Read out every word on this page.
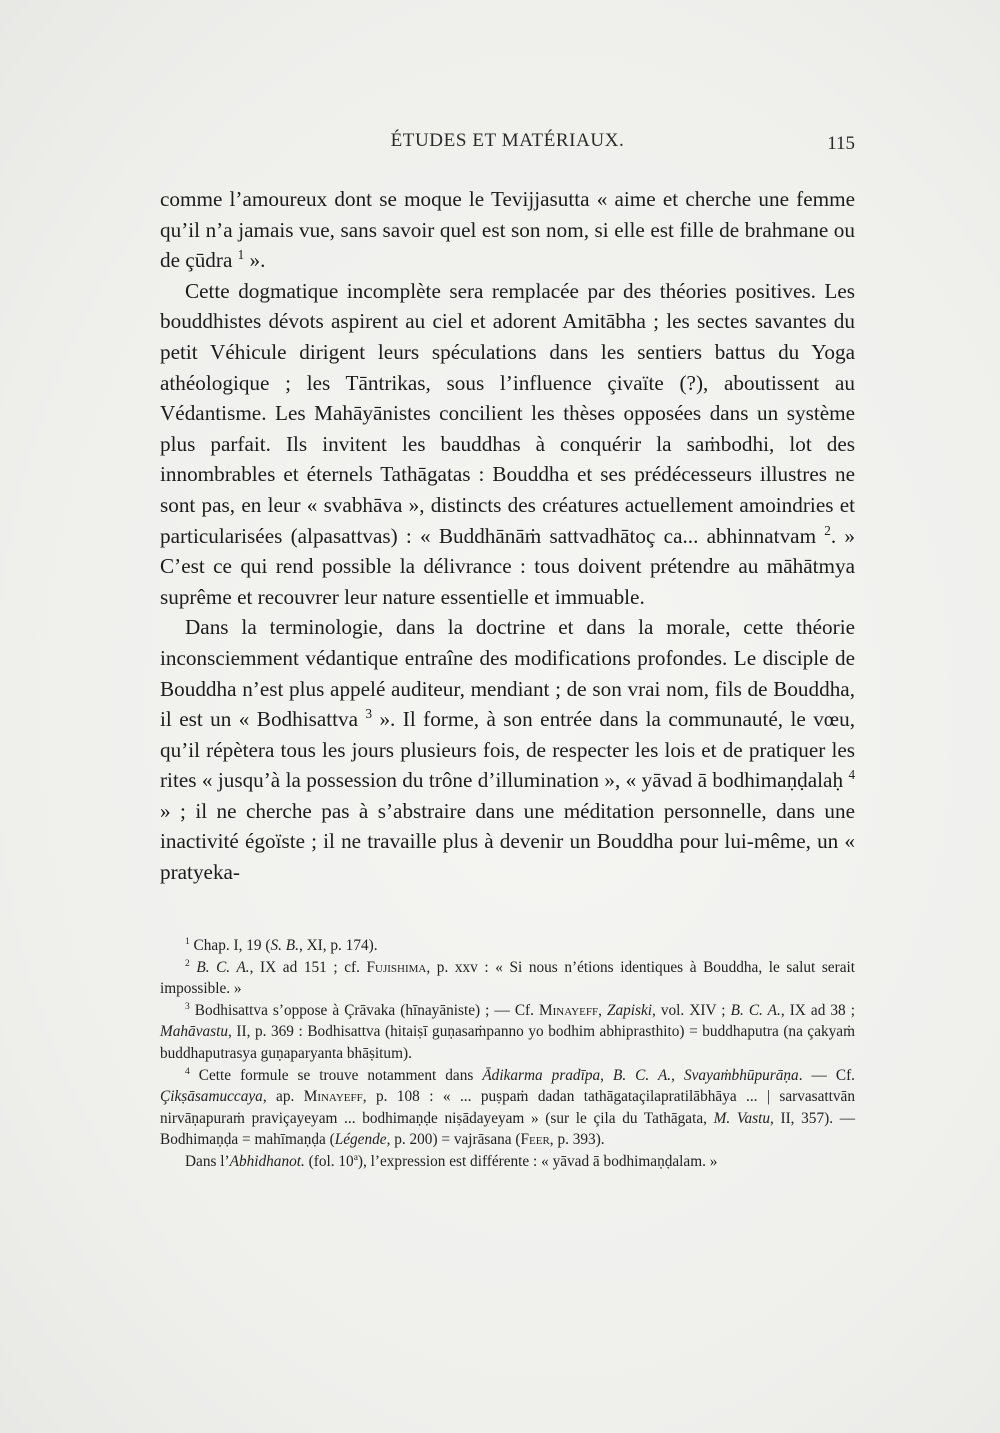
ÉTUDES ET MATÉRIAUX.	115

comme l’amoureux dont se moque le Tevijjasutta « aime et cherche une femme qu’il n’a jamais vue, sans savoir quel est son nom, si elle est fille de brahmane ou de çūdra $^1$ ».

Cette dogmatique incomplète sera remplacée par des théories positives. Les bouddhistes dévots aspirent au ciel et adorent Amitābha ; les sectes savantes du petit Véhicule dirigent leurs spéculations dans les sentiers battus du Yoga athéologique ; les Tāntrikas, sous l’influence çivaïte (?), aboutissent au Védantisme. Les Mahāyānistes concilient les thèses opposées dans un système plus parfait. Ils invitent les bauddhas à conquérir la saṁbodhi, lot des innombrables et éternels Tathāgatas : Bouddha et ses prédécesseurs illustres ne sont pas, en leur « svabhāva », distincts des créatures actuellement amoindries et particularisées (alpasattvas) : « Buddhānāṁ sattvadhātoç ca... abhinnatvam $^2$. » C’est ce qui rend possible la délivrance : tous doivent prétendre au māhātmya suprême et recouvrer leur nature essentielle et immuable.

Dans la terminologie, dans la doctrine et dans la morale, cette théorie inconsciemment védantique entraîne des modifications profondes. Le disciple de Bouddha n’est plus appelé auditeur, mendiant ; de son vrai nom, fils de Bouddha, il est un « Bodhisattva $^3$ ». Il forme, à son entrée dans la communauté, le vœu, qu’il répètera tous les jours plusieurs fois, de respecter les lois et de pratiquer les rites « jusqu’à la possession du trône d’illumination », « yāvad ā bodhimaṇḍalaḥ $^4$ » ; il ne cherche pas à s’abstraire dans une méditation personnelle, dans une inactivité égoïste ; il ne travaille plus à devenir un Bouddha pour lui-même, un « pratyeka-

$^1$ Chap. I, 19 (S. B., XI, p. 174).

$^2$ B. C. A., IX ad 151 ; cf. Fujishima, p. xxv : « Si nous n’étions identiques à Bouddha, le salut serait impossible. »

$^3$ Bodhisattva s’oppose à Çrāvaka (hīnayāniste) ; — Cf. Minayeff, Zapiski, vol. XIV ; B. C. A., IX ad 38 ; Mahāvastu, II, p. 369 : Bodhisattva (hitaiṣī guṇasaṁpanno yo bodhim abhiprasthito) = buddhaputra (na çakyaṁ buddhaputrasya guṇaparyanta bhāṣitum).

$^4$ Cette formule se trouve notamment dans Ādikarma pradīpa, B. C. A., Svayaṁbhūpurāṇa. — Cf. Çikṣāsamuccaya, ap. Minayeff, p. 108 : « ... puṣpaṁ dadan tathāgataçilapratilābhāya ... | sarvasattvān nirvāṇapuraṁ praviçayeyam ... bodhimaṇḍe niṣādayeyam » (sur le çila du Tathāgata, M. Vastu, II, 357). — Bodhimaṇḍa = mahīmaṇḍa (Légende, p. 200) = vajrāsana (Feer, p. 393).

Dans l’Abhidhanot. (fol. 10$^a$), l’expression est différente : « yāvad ā bodhimaṇḍalam. »
